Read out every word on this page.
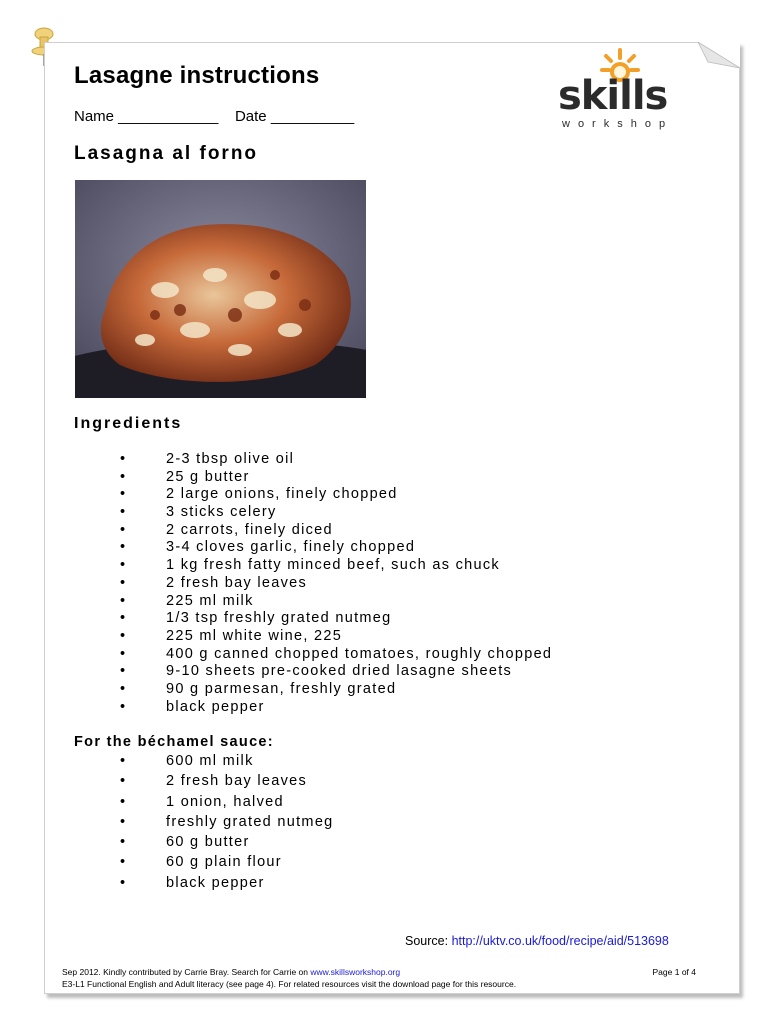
Lasagne instructions
Name ____________ Date __________	skills
workshop
Lasagna al forno
Ingredients
•	2-3 tbsp olive oil
•	25 g butter
•	2 large onions, finely chopped
•	3 sticks celery
•	2 carrots, finely diced
•	3-4 cloves garlic, finely chopped
•	1 kg fresh fatty minced beef, such as chuck
•	2 fresh bay leaves
•	225 ml milk
•	1/3 tsp freshly grated nutmeg
•	225 ml white wine, 225
•	400 g canned chopped tomatoes, roughly chopped
•	9-10 sheets pre-cooked dried lasagne sheets
•	90 g parmesan, freshly grated
•	black pepper
For the béchamel sauce:
•	600 ml milk
•	2 fresh bay leaves
•	1 onion, halved
•	freshly grated nutmeg
•	60 g butter
•	60 g plain flour
•	black pepper
Source: http://uktv.co.uk/food/recipe/aid/513698
Sep 2012. Kindly contributed by Carrie Bray. Search for Carrie on www.skillsworkshop.org
E3-L1 Functional English and Adult literacy (see page 4). For related resources visit the download page for this resource.
Page 1 of 4
